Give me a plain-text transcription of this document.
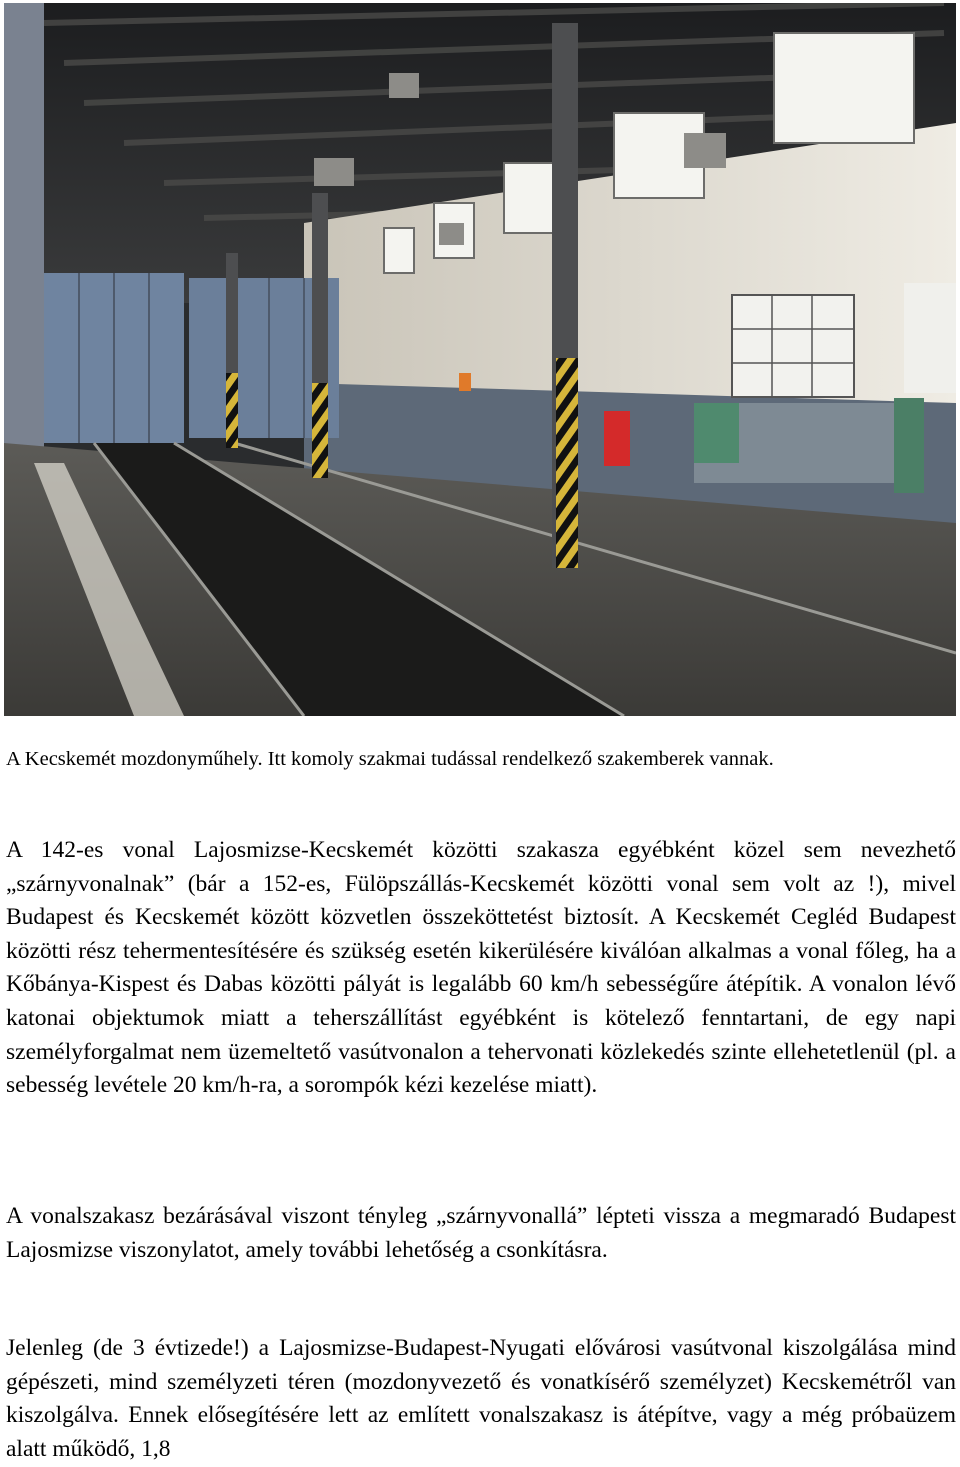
A Kecskemét mozdonyműhely. Itt komoly szakmai tudással rendelkező szakemberek vannak.

A 142-es vonal Lajosmizse-Kecskemét közötti szakasza egyébként közel sem nevezhető „szárnyvonalnak” (bár a 152-es, Fülöpszállás-Kecskemét közötti vonal sem volt az !), mivel Budapest és Kecskemét között közvetlen összeköttetést biztosít. A Kecskemét Cegléd Budapest közötti rész tehermentesítésére és szükség esetén kikerülésére kiválóan alkalmas a vonal főleg, ha a Kőbánya-Kispest és Dabas közötti pályát is legalább 60 km/h sebességűre átépítik. A vonalon lévő katonai objektumok miatt a teherszállítást egyébként is kötelező fenntartani, de egy napi személyforgalmat nem üzemeltető vasútvonalon a tehervonati közlekedés szinte ellehetetlenül (pl. a sebesség levétele 20 km/h-ra, a sorompók kézi kezelése miatt).

A vonalszakasz bezárásával viszont tényleg „szárnyvonallá” lépteti vissza a megmaradó Budapest Lajosmizse viszonylatot, amely további lehetőség a csonkításra.

Jelenleg (de 3 évtizede!) a Lajosmizse-Budapest-Nyugati elővárosi vasútvonal kiszolgálása mind gépészeti, mind személyzeti téren (mozdonyvezető és vonatkísérő személyzet) Kecskemétről van kiszolgálva. Ennek elősegítésére lett az említett vonalszakasz is átépítve, vagy a még próbaüzem alatt működő, 1,8
